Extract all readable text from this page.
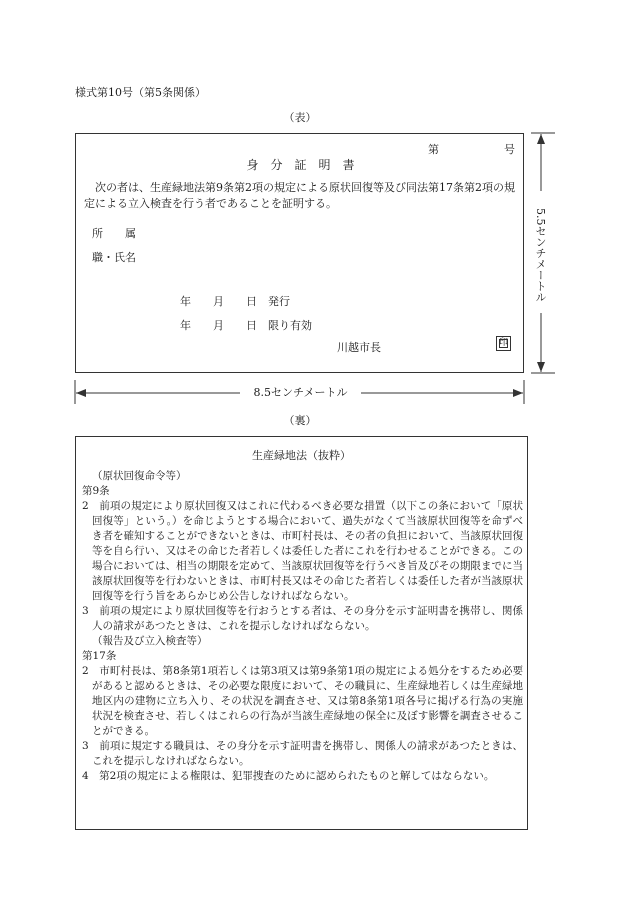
様式第10号（第5条関係）
（表）
第	号
身　分　証　明　書
次の者は、生産緑地法第9条第2項の規定による原状回復等及び同法第17条第2項の規定による立入検査を行う者であることを証明する。
所　　属
職・氏名
年　　月　　日　発行
年　　月　　日　限り有効
川越市長	印
5.5センチメートル
8.5センチメートル
（裏）
生産緑地法（抜粋）
（原状回復命令等）
第9条
2　前項の規定により原状回復又はこれに代わるべき必要な措置（以下この条において「原状回復等」という。）を命じようとする場合において、過失がなくて当該原状回復等を命ずべき者を確知することができないときは、市町村長は、その者の負担において、当該原状回復等を自ら行い、又はその命じた者若しくは委任した者にこれを行わせることができる。この場合においては、相当の期限を定めて、当該原状回復等を行うべき旨及びその期限までに当該原状回復等を行わないときは、市町村長又はその命じた者若しくは委任した者が当該原状回復等を行う旨をあらかじめ公告しなければならない。
3　前項の規定により原状回復等を行おうとする者は、その身分を示す証明書を携帯し、関係人の請求があつたときは、これを提示しなければならない。
（報告及び立入検査等）
第17条
2　市町村長は、第8条第1項若しくは第3項又は第9条第1項の規定による処分をするため必要があると認めるときは、その必要な限度において、その職員に、生産緑地若しくは生産緑地地区内の建物に立ち入り、その状況を調査させ、又は第8条第1項各号に掲げる行為の実施状況を検査させ、若しくはこれらの行為が当該生産緑地の保全に及ぼす影響を調査させることができる。
3　前項に規定する職員は、その身分を示す証明書を携帯し、関係人の請求があつたときは、これを提示しなければならない。
4　第2項の規定による権限は、犯罪捜査のために認められたものと解してはならない。
